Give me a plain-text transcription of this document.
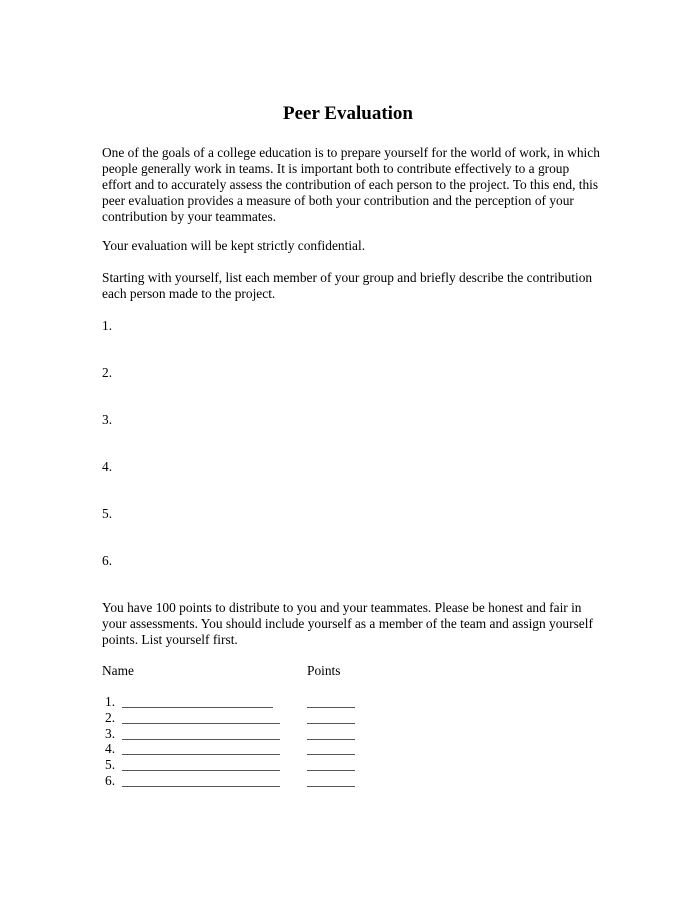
Peer Evaluation
One of the goals of a college education is to prepare yourself for the world of work, in which people generally work in teams. It is important both to contribute effectively to a group effort and to accurately assess the contribution of each person to the project. To this end, this peer evaluation provides a measure of both your contribution and the perception of your contribution by your teammates.
Your evaluation will be kept strictly confidential.
Starting with yourself, list each member of your group and briefly describe the contribution each person made to the project.
1.
2.
3.
4.
5.
6.
You have 100 points to distribute to you and your teammates. Please be honest and fair in your assessments. You should include yourself as a member of the team and assign yourself points. List yourself first.
Name	Points
1.
2.
3.
4.
5.
6.
